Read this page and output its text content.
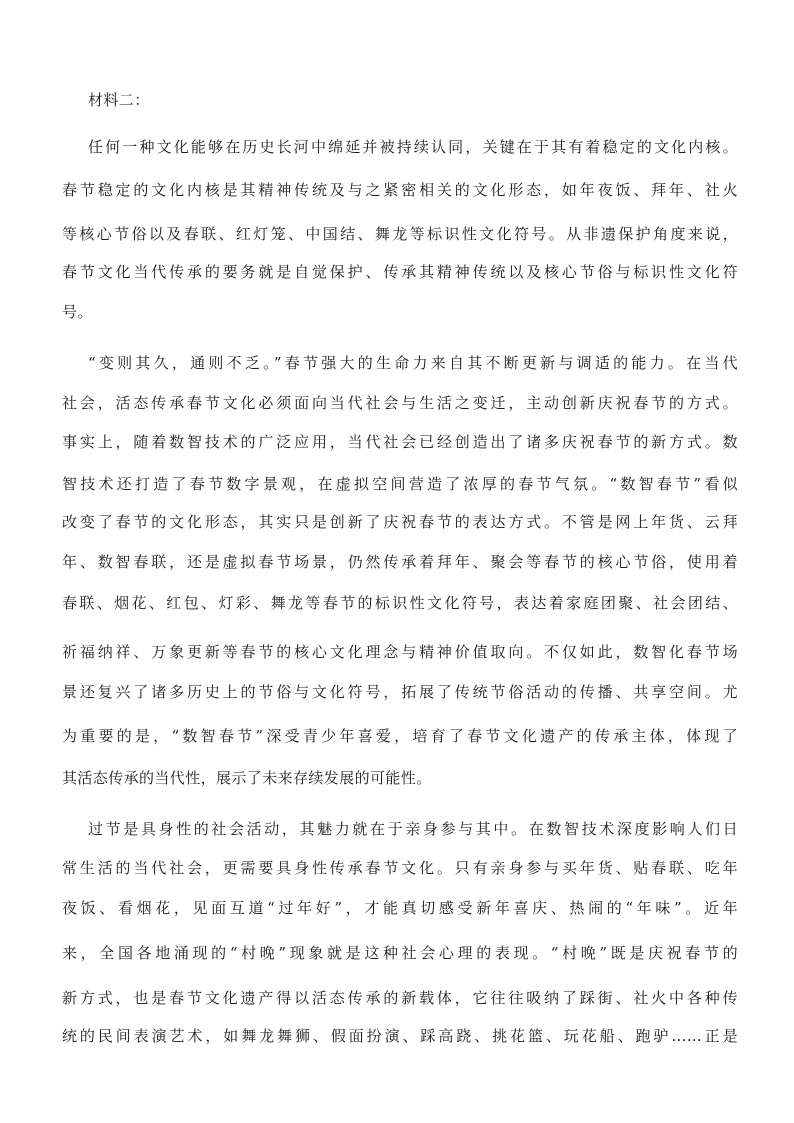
材料二：

任何一种文化能够在历史长河中绵延并被持续认同，关键在于其有着稳定的文化内核。

春节稳定的文化内核是其精神传统及与之紧密相关的文化形态，如年夜饭、拜年、社火

等核心节俗以及春联、红灯笼、中国结、舞龙等标识性文化符号。从非遗保护角度来说，

春节文化当代传承的要务就是自觉保护、传承其精神传统以及核心节俗与标识性文化符

号。

“变则其久，通则不乏。”春节强大的生命力来自其不断更新与调适的能力。在当代

社会，活态传承春节文化必须面向当代社会与生活之变迁，主动创新庆祝春节的方式。

事实上，随着数智技术的广泛应用，当代社会已经创造出了诸多庆祝春节的新方式。数

智技术还打造了春节数字景观，在虚拟空间营造了浓厚的春节气氛。“数智春节”看似

改变了春节的文化形态，其实只是创新了庆祝春节的表达方式。不管是网上年货、云拜

年、数智春联，还是虚拟春节场景，仍然传承着拜年、聚会等春节的核心节俗，使用着

春联、烟花、红包、灯彩、舞龙等春节的标识性文化符号，表达着家庭团聚、社会团结、

祈福纳祥、万象更新等春节的核心文化理念与精神价值取向。不仅如此，数智化春节场

景还复兴了诸多历史上的节俗与文化符号，拓展了传统节俗活动的传播、共享空间。尤

为重要的是，“数智春节”深受青少年喜爱，培育了春节文化遗产的传承主体，体现了

其活态传承的当代性，展示了未来存续发展的可能性。

过节是具身性的社会活动，其魅力就在于亲身参与其中。在数智技术深度影响人们日

常生活的当代社会，更需要具身性传承春节文化。只有亲身参与买年货、贴春联、吃年

夜饭、看烟花，见面互道“过年好”，才能真切感受新年喜庆、热闹的“年味”。近年

来，全国各地涌现的“村晚”现象就是这种社会心理的表现。“村晚”既是庆祝春节的

新方式，也是春节文化遗产得以活态传承的新载体，它往往吸纳了踩街、社火中各种传

统的民间表演艺术，如舞龙舞狮、假面扮演、踩高跷、挑花篮、玩花船、跑驴……正是
